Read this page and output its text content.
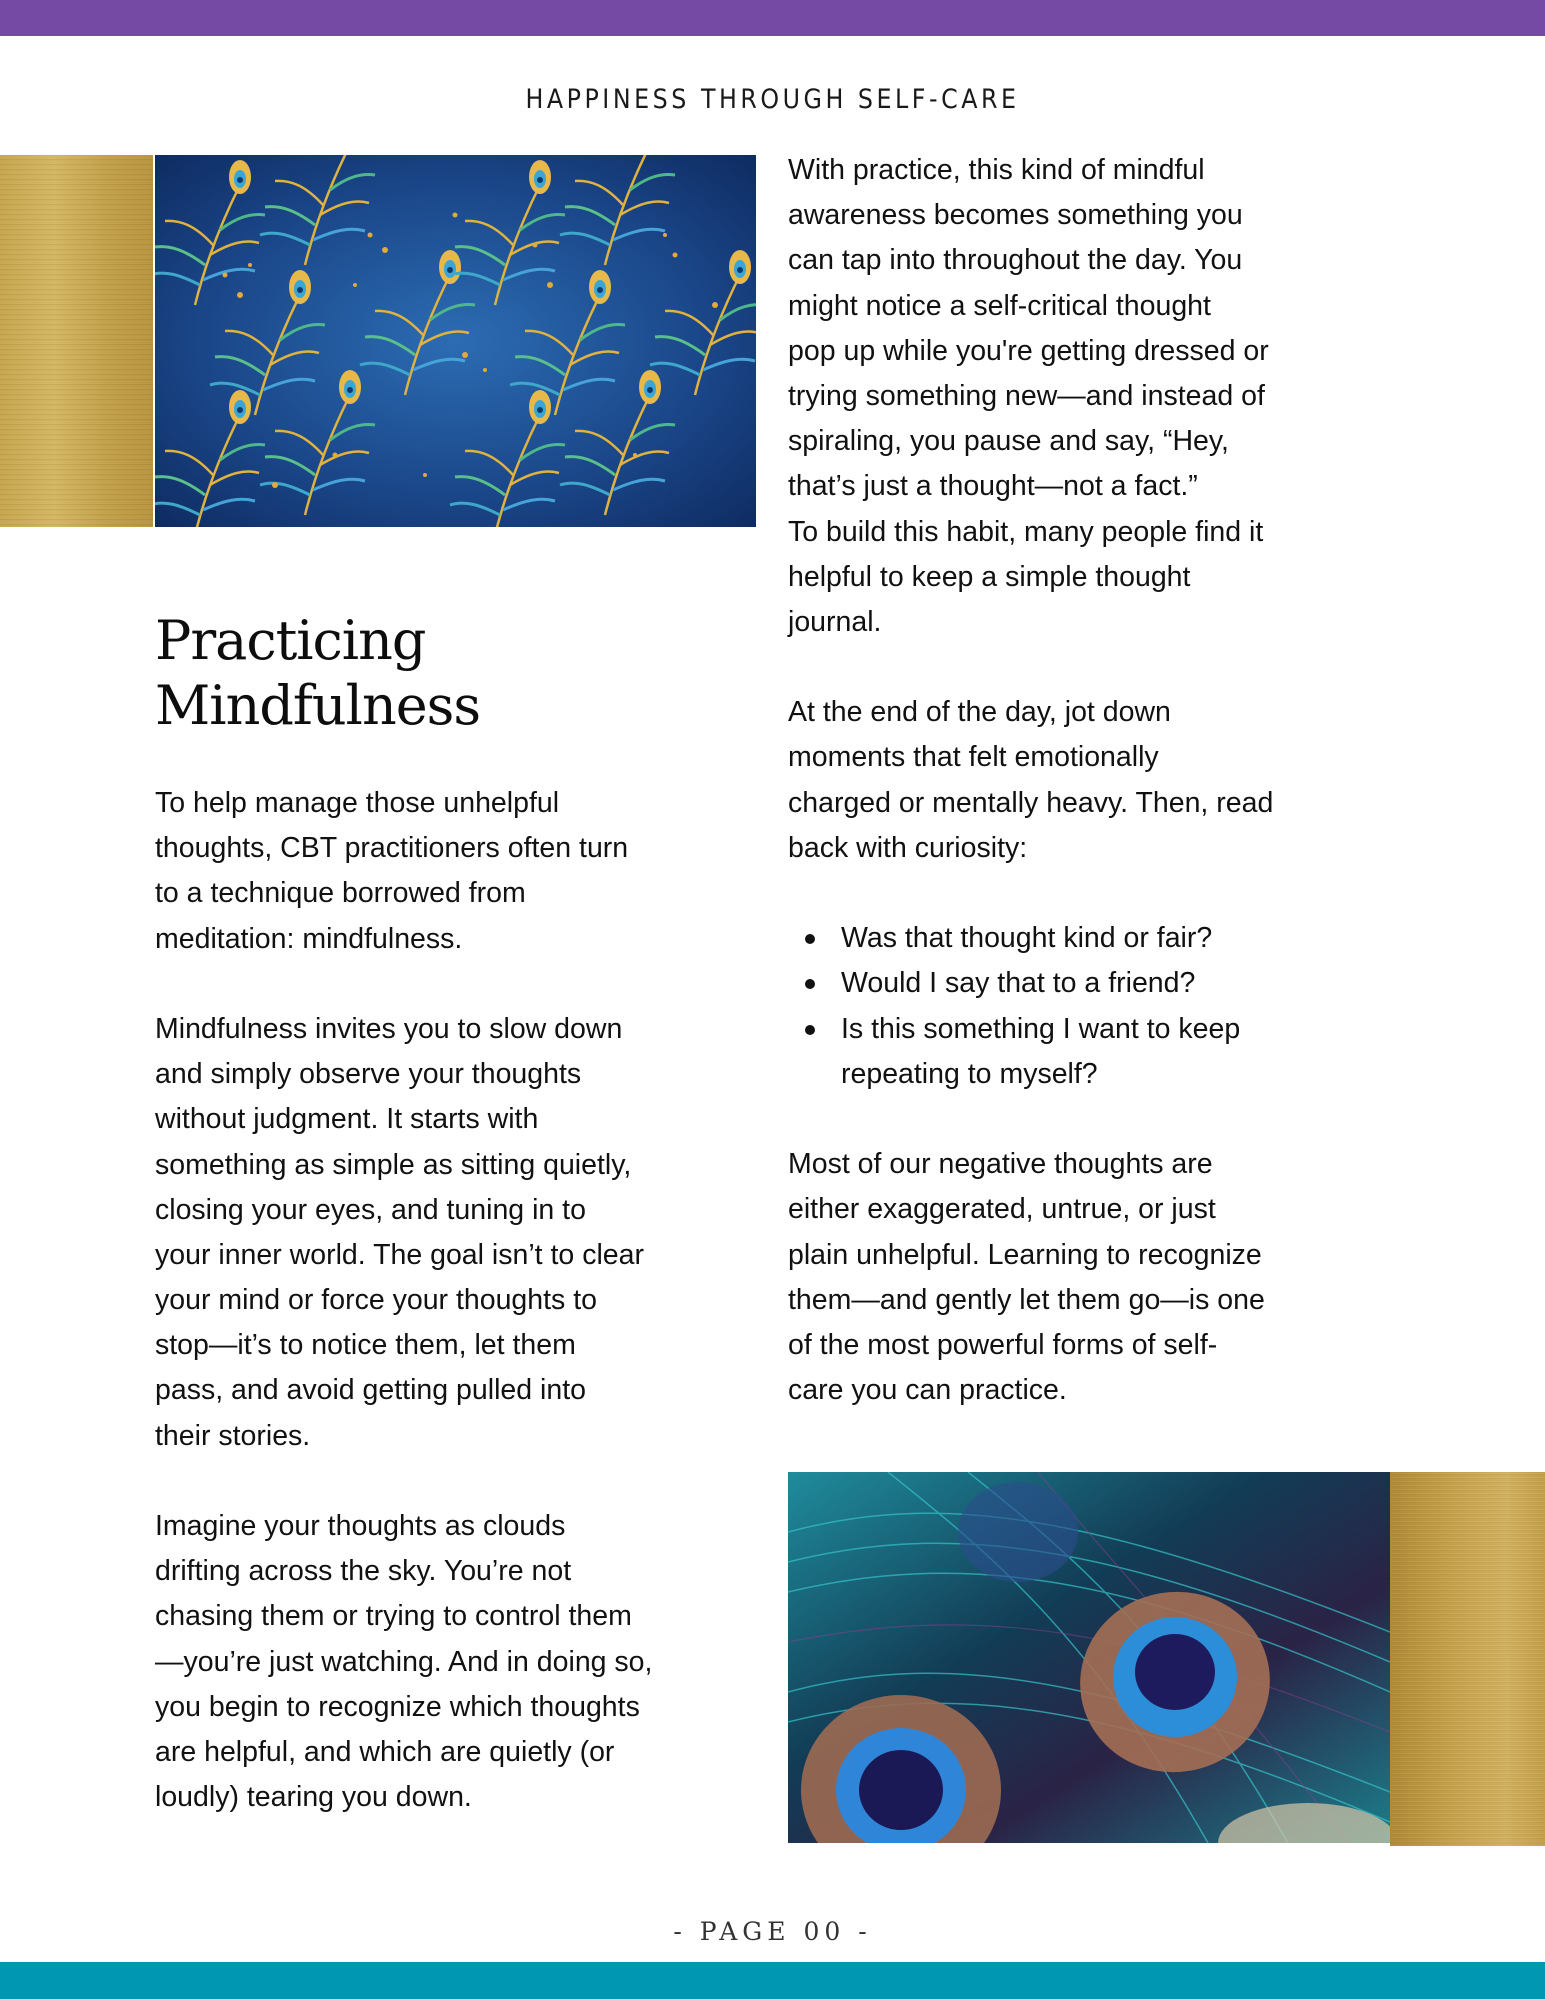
HAPPINESS THROUGH SELF-CARE
Practicing
Mindfulness
To help manage those unhelpful
thoughts, CBT practitioners often turn
to a technique borrowed from
meditation: mindfulness.
Mindfulness invites you to slow down
and simply observe your thoughts
without judgment. It starts with
something as simple as sitting quietly,
closing your eyes, and tuning in to
your inner world. The goal isn’t to clear
your mind or force your thoughts to
stop—it’s to notice them, let them
pass, and avoid getting pulled into
their stories.
Imagine your thoughts as clouds
drifting across the sky. You’re not
chasing them or trying to control them
—you’re just watching. And in doing so,
you begin to recognize which thoughts
are helpful, and which are quietly (or
loudly) tearing you down.
With practice, this kind of mindful
awareness becomes something you
can tap into throughout the day. You
might notice a self-critical thought
pop up while you're getting dressed or
trying something new—and instead of
spiraling, you pause and say, “Hey,
that’s just a thought—not a fact.”
To build this habit, many people find it
helpful to keep a simple thought
journal.
At the end of the day, jot down
moments that felt emotionally
charged or mentally heavy. Then, read
back with curiosity:
Was that thought kind or fair?
Would I say that to a friend?
Is this something I want to keep
repeating to myself?
Most of our negative thoughts are
either exaggerated, untrue, or just
plain unhelpful. Learning to recognize
them—and gently let them go—is one
of the most powerful forms of self-
care you can practice.
- PAGE 00 -
